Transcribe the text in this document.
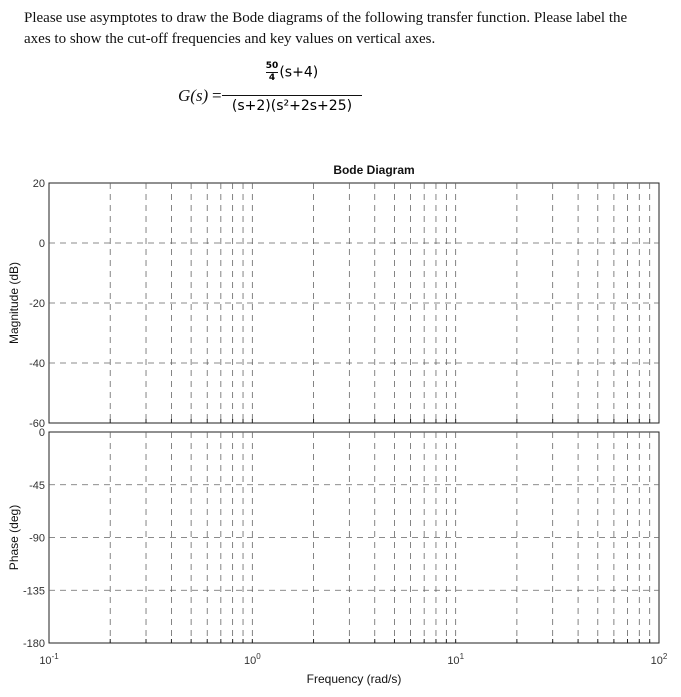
Please use asymptotes to draw the Bode diagrams of the following transfer function. Please label the axes to show the cut-off frequencies and key values on vertical axes.
G(s) =
$\frac{50}{4} (s+4)$
(s+2)(s²+2s+25)
20
0
-20
-40
-60
Magnitude (dB)
0
-45
-90
-135
-180
Phase (deg)
Bode Diagram
$10^{-1}$	$10^0$	$10^1$	$10^2$
Frequency (rad/s)
